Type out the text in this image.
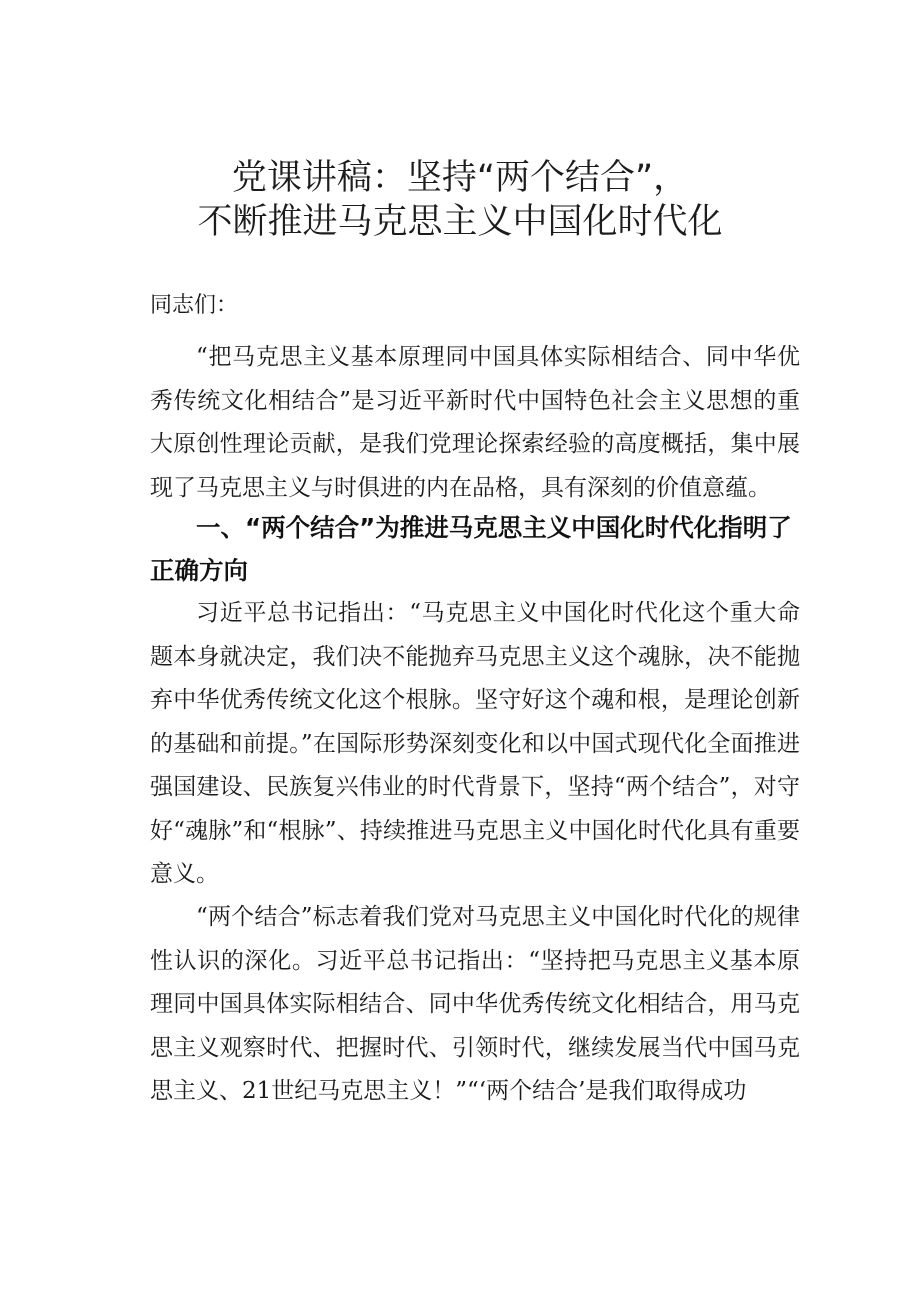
党课讲稿：坚持“两个结合”，
不断推进马克思主义中国化时代化

同志们：

“把马克思主义基本原理同中国具体实际相结合、同中华优秀传统文化相结合”是习近平新时代中国特色社会主义思想的重大原创性理论贡献，是我们党理论探索经验的高度概括，集中展现了马克思主义与时俱进的内在品格，具有深刻的价值意蕴。

一、“两个结合”为推进马克思主义中国化时代化指明了正确方向

习近平总书记指出：“马克思主义中国化时代化这个重大命题本身就决定，我们决不能抛弃马克思主义这个魂脉，决不能抛弃中华优秀传统文化这个根脉。坚守好这个魂和根，是理论创新的基础和前提。”在国际形势深刻变化和以中国式现代化全面推进强国建设、民族复兴伟业的时代背景下，坚持“两个结合”，对守好“魂脉”和“根脉”、持续推进马克思主义中国化时代化具有重要意义。

“两个结合”标志着我们党对马克思主义中国化时代化的规律性认识的深化。习近平总书记指出：“坚持把马克思主义基本原理同中国具体实际相结合、同中华优秀传统文化相结合，用马克思主义观察时代、把握时代、引领时代，继续发展当代中国马克思主义、21世纪马克思主义！”“‘两个结合’是我们取得成功
